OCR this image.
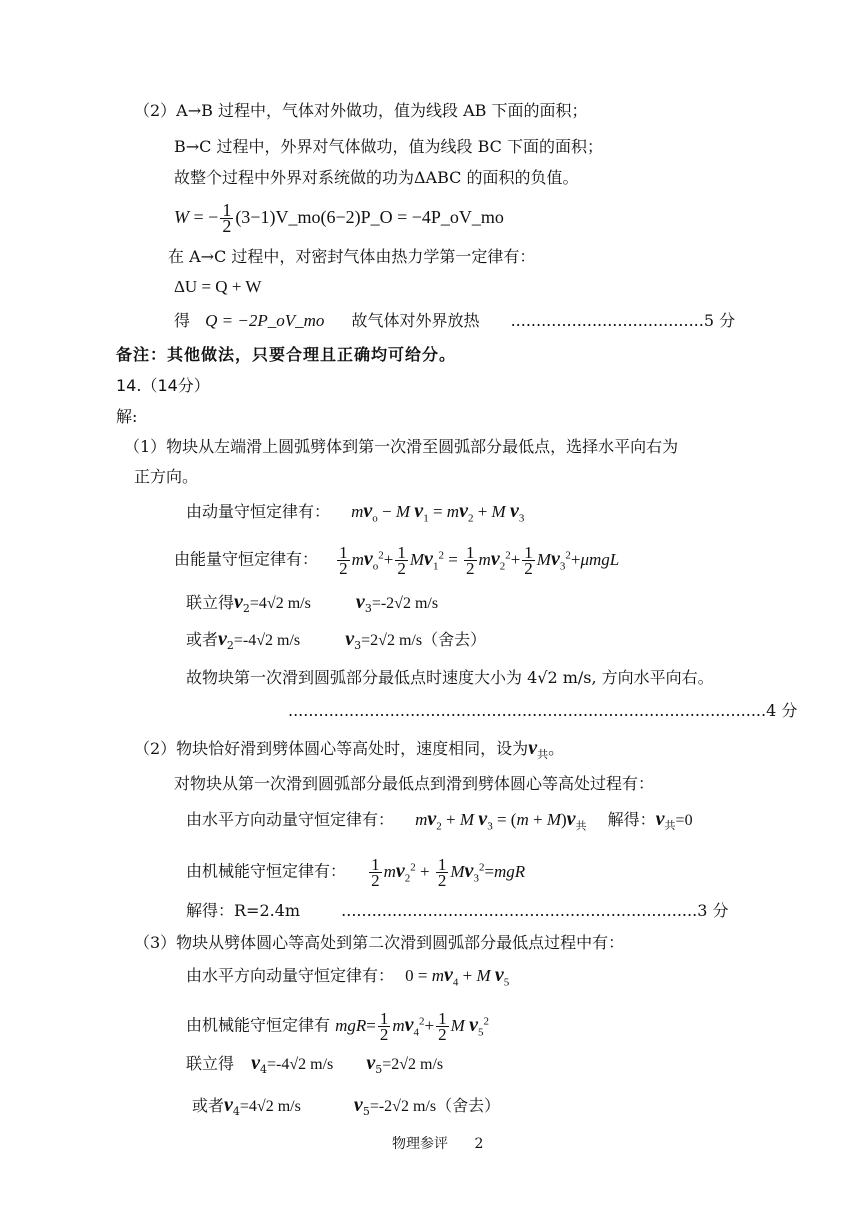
（2）A→B 过程中，气体对外做功，值为线段 AB 下面的面积；
B→C 过程中，外界对气体做功，值为线段 BC 下面的面积；
故整个过程中外界对系统做的功为ΔABC 的面积的负值。
W = − $\frac{1}{2}$ (3−1)V_mo(6−2)P_O = −4P_oV_mo
在 A→C 过程中，对密封气体由热力学第一定律有：
ΔU = Q + W
得 Q = −2P_oV_mo 故气体对外界放热 ......................................5 分
备注：其他做法，只要合理且正确均可给分。
14.（14分）
解:
（1）物块从左端滑上圆弧劈体到第一次滑至圆弧部分最低点，选择水平向右为
正方向。
由动量守恒定律有： $mv_o - M$ $v_1 = mv_2 + M$ $v_3$
由能量守恒定律有： $\frac{1}{2} mv_o^2+ \frac{1}{2} Mv_1^2 = \frac{1}{2} mv_2^2+ \frac{1}{2} Mv_3^2+\mu mgL$
联立得$v_2=4√2$ m/s $v_3=-2√2$ m/s
或者$v_2=-4√2$ m/s $v_3=2√2$ m/s（舍去）
故物块第一次滑到圆弧部分最低点时速度大小为 4√2 m/s, 方向水平向右。
..............................................................................................4 分
（2）物块恰好滑到劈体圆心等高处时，速度相同，设为$v_共$。
对物块从第一次滑到圆弧部分最低点到滑到劈体圆心等高处过程有：
由水平方向动量守恒定律有： $mv_2 + M$ $v_3 = (m + M)v_共$ 解得：$v_共=0$
由机械能守恒定律有： $\frac{1}{2} mv_2^2 + \frac{1}{2} Mv_3^2=mgR$
解得：R=2.4m	......................................................................3 分
（3）物块从劈体圆心等高处到第二次滑到圆弧部分最低点过程中有：
由水平方向动量守恒定律有： $0 = mv_4 + M$ $v_5$
由机械能守恒定律有 $mgR= \frac{1}{2} mv_4^2+ \frac{1}{2}$ M $v_5^2$
联立得 $v_4=-4√2$ m/s $v_5=2√2$ m/s
或者$v_4=4√2$ m/s	$v_5=-2√2$ m/s（舍去）
物理参评 2
